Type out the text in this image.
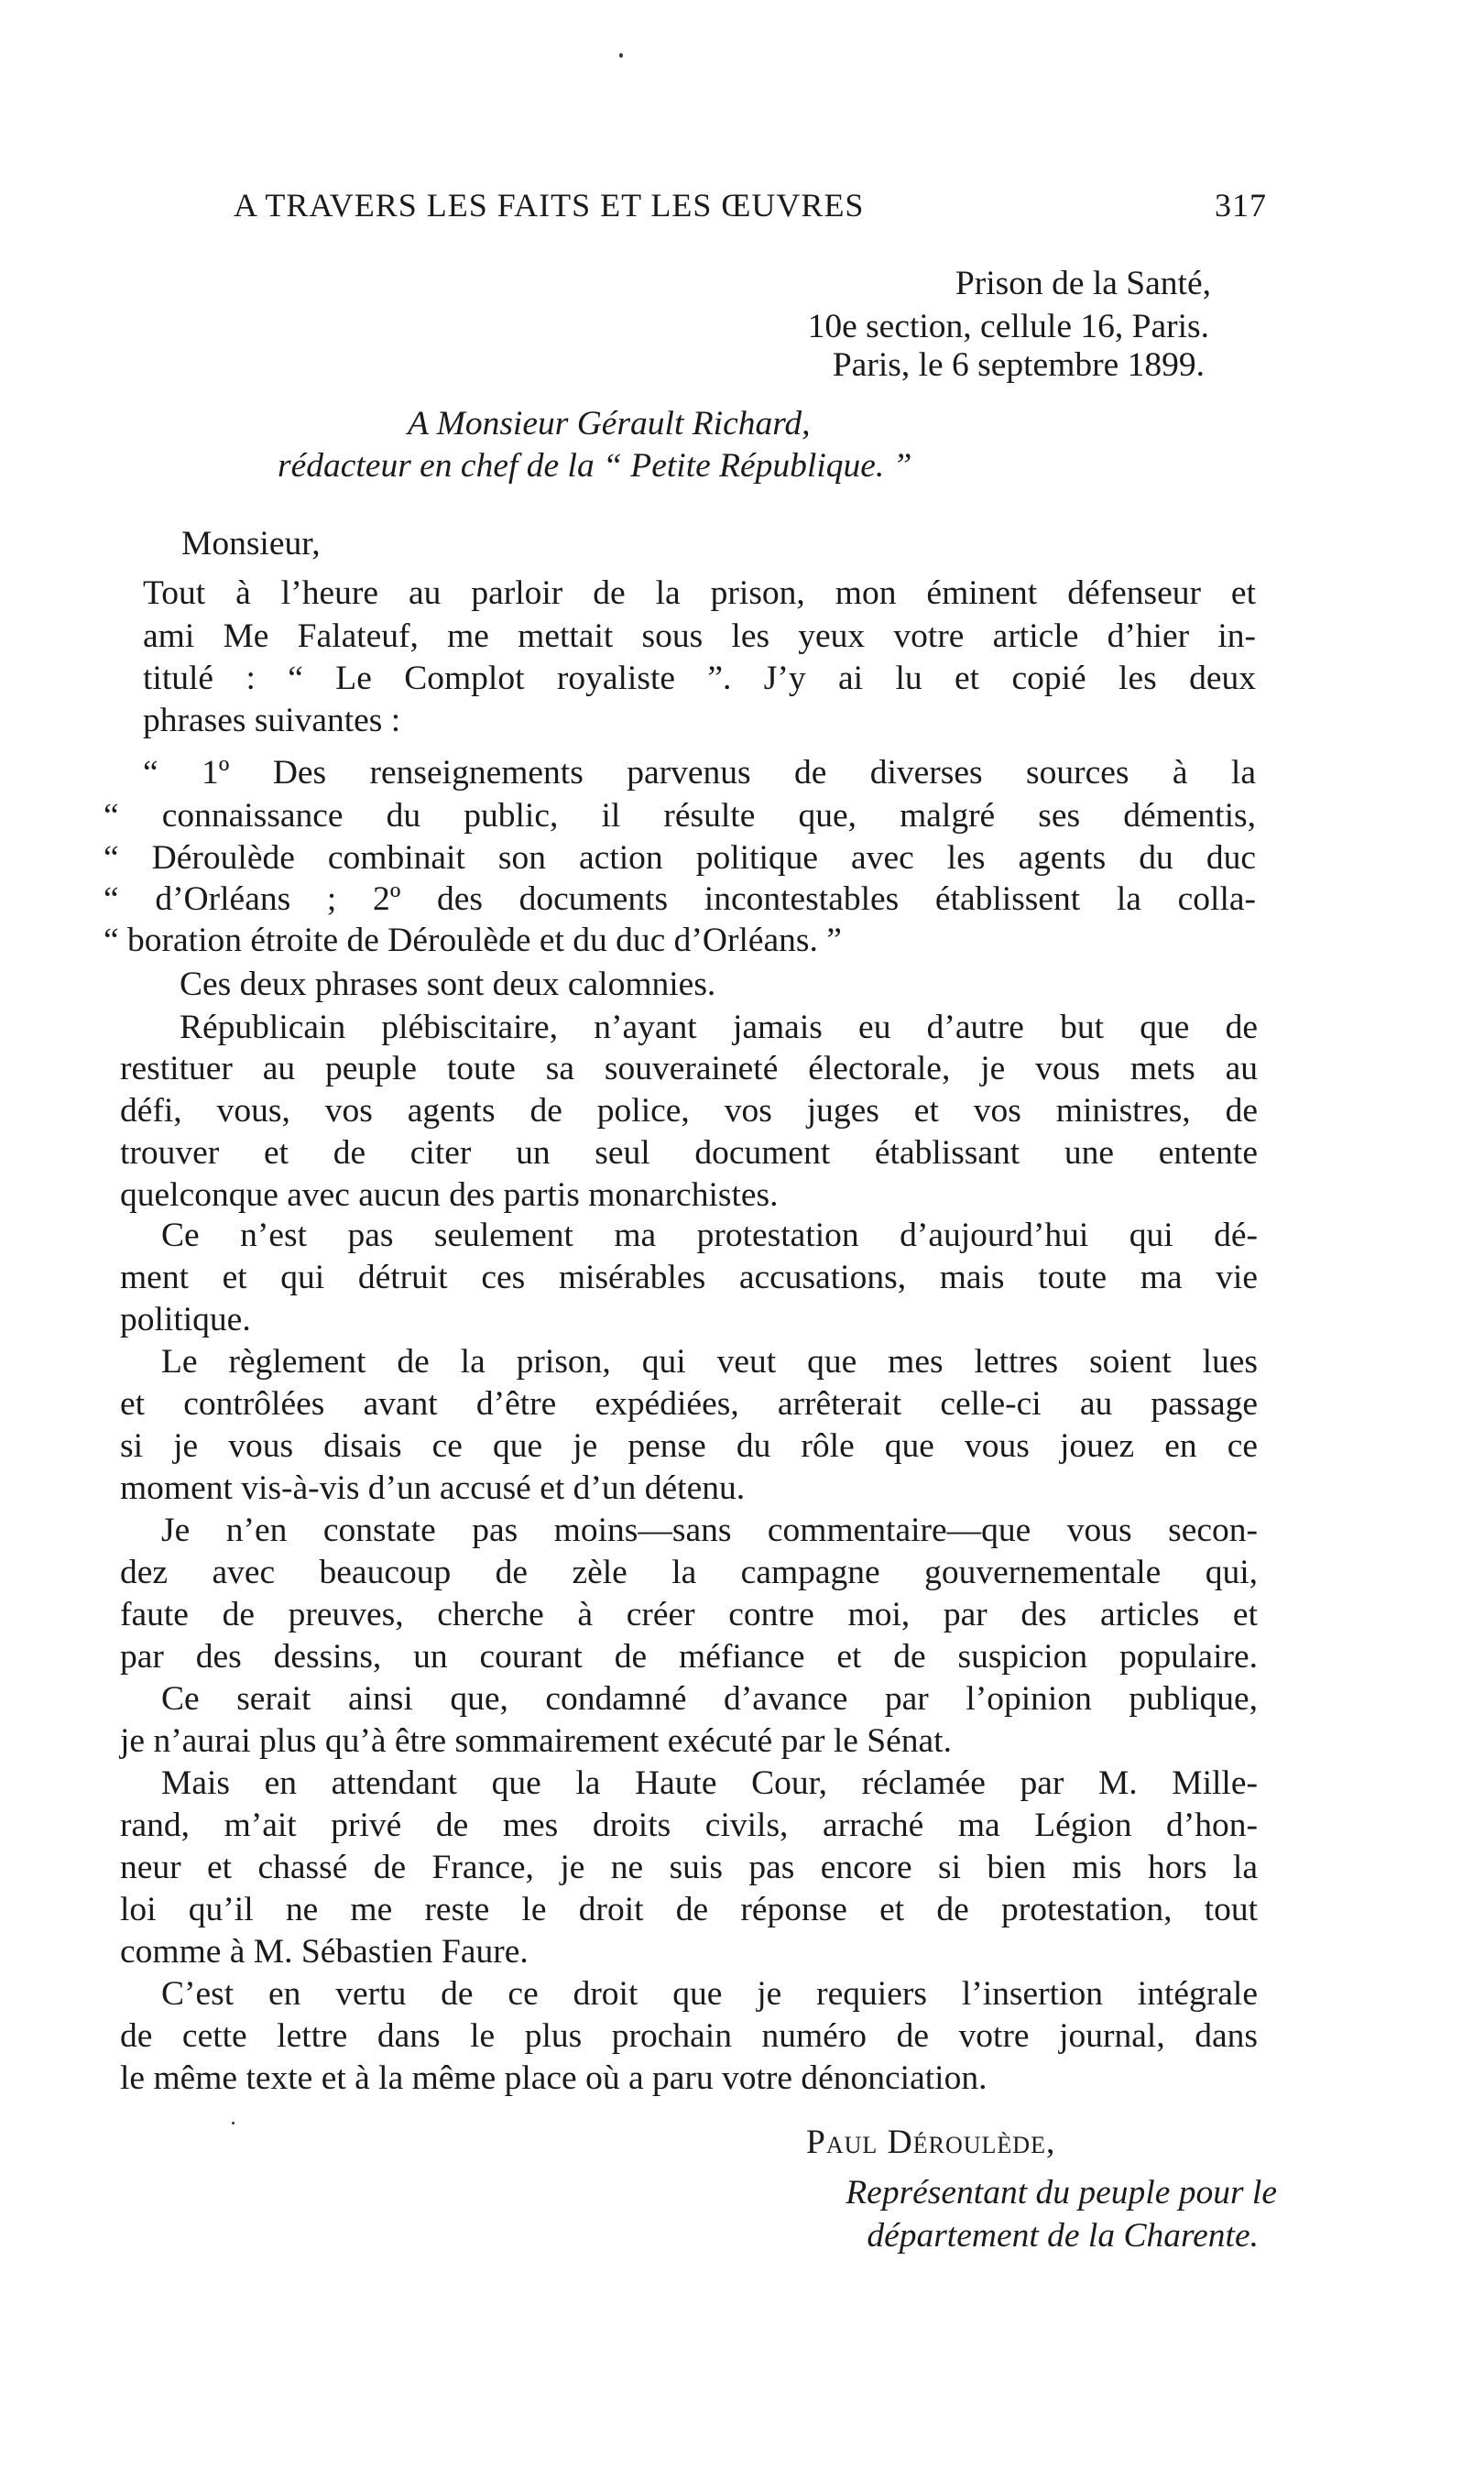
A TRAVERS LES FAITS ET LES ŒUVRES	317
Prison de la Santé,
10e section, cellule 16, Paris.
Paris, le 6 septembre 1899.
A Monsieur Gérault Richard,
rédacteur en chef de la “ Petite République. ”
Monsieur,
Tout à l’heure au parloir de la prison, mon éminent défenseur et
ami Me Falateuf, me mettait sous les yeux votre article d’hier in-
titulé : “ Le Complot royaliste ”. J’y ai lu et copié les deux
phrases suivantes :
“ 1º Des renseignements parvenus de diverses sources à la
“ connaissance du public, il résulte que, malgré ses démentis,
“ Déroulède combinait son action politique avec les agents du duc
“ d’Orléans ; 2º des documents incontestables établissent la colla-
“ boration étroite de Déroulède et du duc d’Orléans. ”
Ces deux phrases sont deux calomnies.
Républicain plébiscitaire, n’ayant jamais eu d’autre but que de
restituer au peuple toute sa souveraineté électorale, je vous mets au
défi, vous, vos agents de police, vos juges et vos ministres, de
trouver et de citer un seul document établissant une entente
quelconque avec aucun des partis monarchistes.
Ce n’est pas seulement ma protestation d’aujourd’hui qui dé-
ment et qui détruit ces misérables accusations, mais toute ma vie
politique.
Le règlement de la prison, qui veut que mes lettres soient lues
et contrôlées avant d’être expédiées, arrêterait celle-ci au passage
si je vous disais ce que je pense du rôle que vous jouez en ce
moment vis-à-vis d’un accusé et d’un détenu.
Je n’en constate pas moins—sans commentaire—que vous secon-
dez avec beaucoup de zèle la campagne gouvernementale qui,
faute de preuves, cherche à créer contre moi, par des articles et
par des dessins, un courant de méfiance et de suspicion populaire.
Ce serait ainsi que, condamné d’avance par l’opinion publique,
je n’aurai plus qu’à être sommairement exécuté par le Sénat.
Mais en attendant que la Haute Cour, réclamée par M. Mille-
rand, m’ait privé de mes droits civils, arraché ma Légion d’hon-
neur et chassé de France, je ne suis pas encore si bien mis hors la
loi qu’il ne me reste le droit de réponse et de protestation, tout
comme à M. Sébastien Faure.
C’est en vertu de ce droit que je requiers l’insertion intégrale
de cette lettre dans le plus prochain numéro de votre journal, dans
le même texte et à la même place où a paru votre dénonciation.
Paul Déroulède,
Représentant du peuple pour le
département de la Charente.
